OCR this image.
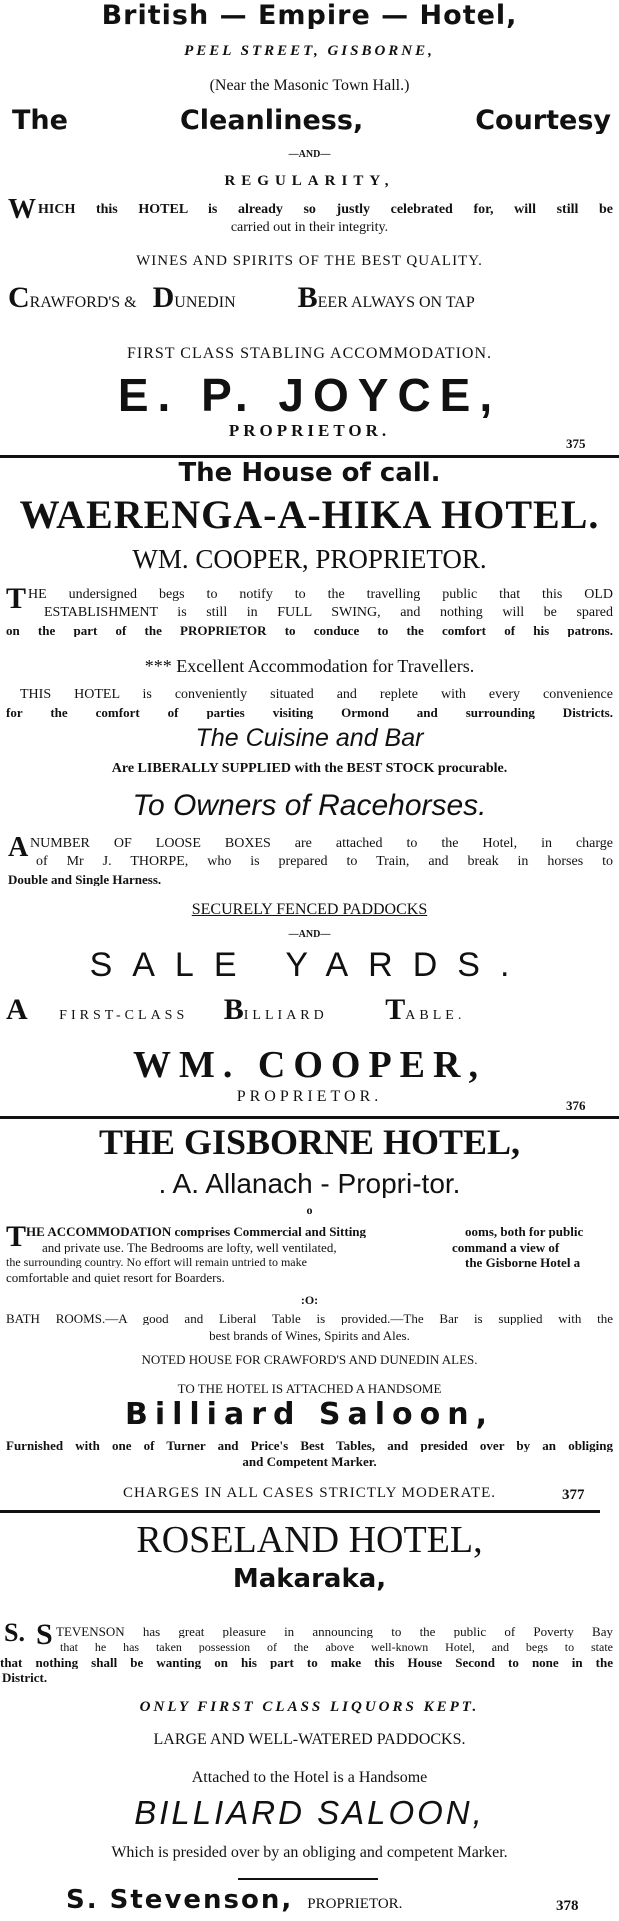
British — Empire — Hotel,
PEEL STREET, GISBORNE,
(Near the Masonic Town Hall.)
The Cleanliness, Courtesy
—AND—
REGULARITY,
W HICH this HOTEL is already so justly celebrated for, will still be
carried out in their integrity.
WINES AND SPIRITS OF THE BEST QUALITY.
CRAWFORD'S & DUNEDIN BEER ALWAYS ON TAP
FIRST CLASS STABLING ACCOMMODATION.
E. P. JOYCE,
PROPRIETOR.
375
The House of call.
WAERENGA-A-HIKA HOTEL.
WM. COOPER, PROPRIETOR.
T HE undersigned begs to notify to the travelling public that this OLD
ESTABLISHMENT is still in FULL SWING, and nothing will be spared
on the part of the PROPRIETOR to conduce to the comfort of his patrons.
*** Excellent Accommodation for Travellers.
THIS HOTEL is conveniently situated and replete with every convenience
for the comfort of parties visiting Ormond and surrounding Districts.
The Cuisine and Bar
Are LIBERALLY SUPPLIED with the BEST STOCK procurable.
To Owners of Racehorses.
A NUMBER OF LOOSE BOXES are attached to the Hotel, in charge
of Mr J. THORPE, who is prepared to Train, and break in horses to
Double and Single Harness.
SECURELY FENCED PADDOCKS
—AND—
SALE YARDS.
A FIRST-CLASS BILLIARD TABLE.
WM. COOPER,
PROPRIETOR.
376
THE GISBORNE HOTEL,
. A. Allanach - Propri-tor.
o
T HE ACCOMMODATION comprises Commercial and Sitting	ooms, both for public
and private use. The Bedrooms are lofty, well ventilated,	command a view of
the surrounding country. No effort will remain untried to make	the Gisborne Hotel a
comfortable and quiet resort for Boarders.
:O:
BATH ROOMS.—A good and Liberal Table is provided.—The Bar is supplied with the
best brands of Wines, Spirits and Ales.
NOTED HOUSE FOR CRAWFORD'S AND DUNEDIN ALES.
TO THE HOTEL IS ATTACHED A HANDSOME
Billiard Saloon,
Furnished with one of Turner and Price's Best Tables, and presided over by an obliging
and Competent Marker.
CHARGES IN ALL CASES STRICTLY MODERATE.	377
ROSELAND HOTEL,
Makaraka,
S. S TEVENSON has great pleasure in announcing to the public of Poverty Bay
that he has taken possession of the above well-known Hotel, and begs to state
that nothing shall be wanting on his part to make this House Second to none in the
District.
ONLY FIRST CLASS LIQUORS KEPT.
LARGE AND WELL-WATERED PADDOCKS.
Attached to the Hotel is a Handsome
BILLIARD SALOON,
Which is presided over by an obliging and competent Marker.
S. Stevenson, PROPRIETOR.	378
